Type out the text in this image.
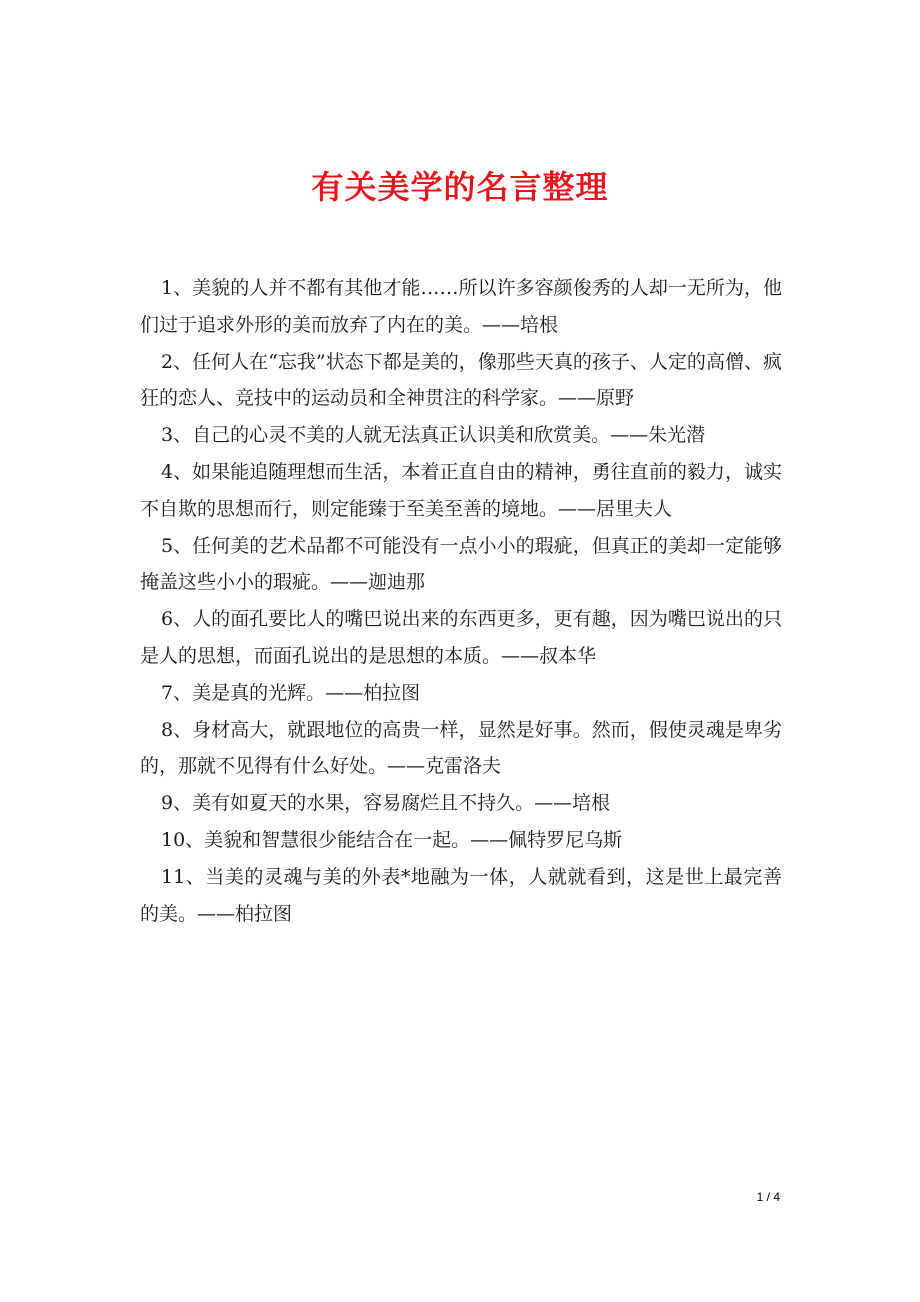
有关美学的名言整理

1、美貌的人并不都有其他才能……所以许多容颜俊秀的人却一无所为，他们过于追求外形的美而放弃了内在的美。——培根

2、任何人在“忘我”状态下都是美的，像那些天真的孩子、人定的高僧、疯狂的恋人、竞技中的运动员和全神贯注的科学家。——原野

3、自己的心灵不美的人就无法真正认识美和欣赏美。——朱光潜

4、如果能追随理想而生活，本着正直自由的精神，勇往直前的毅力，诚实不自欺的思想而行，则定能臻于至美至善的境地。——居里夫人

5、任何美的艺术品都不可能没有一点小小的瑕疵，但真正的美却一定能够掩盖这些小小的瑕疵。——迦迪那

6、人的面孔要比人的嘴巴说出来的东西更多，更有趣，因为嘴巴说出的只是人的思想，而面孔说出的是思想的本质。——叔本华

7、美是真的光辉。——柏拉图

8、身材高大，就跟地位的高贵一样，显然是好事。然而，假使灵魂是卑劣的，那就不见得有什么好处。——克雷洛夫

9、美有如夏天的水果，容易腐烂且不持久。——培根

10、美貌和智慧很少能结合在一起。——佩特罗尼乌斯

11、当美的灵魂与美的外表*地融为一体，人就就看到，这是世上最完善的美。——柏拉图

1 / 4
